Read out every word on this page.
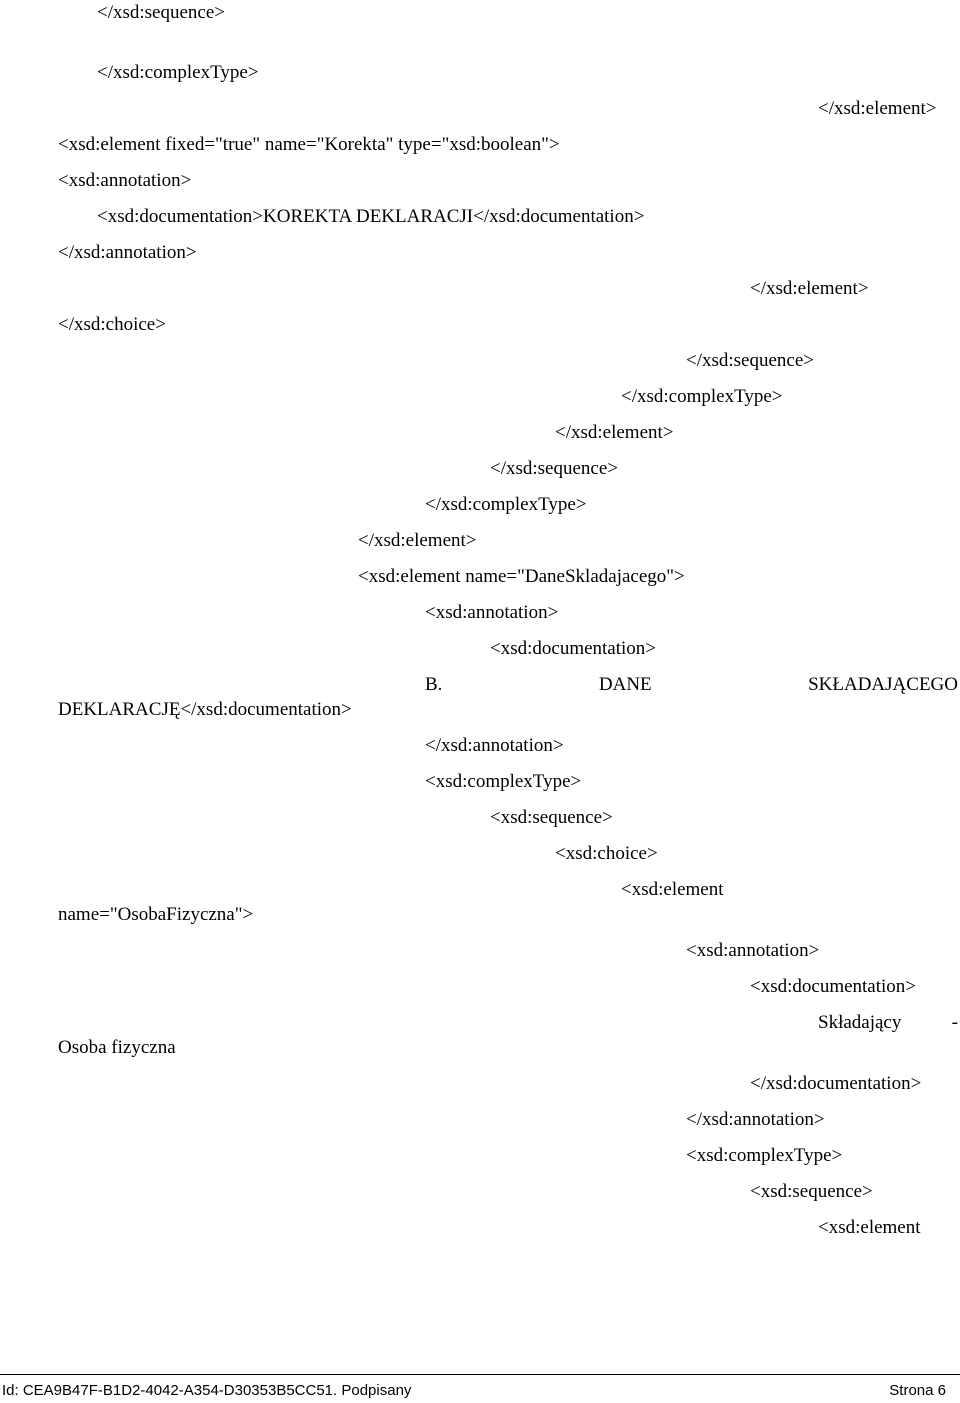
</xsd:sequence>
</xsd:complexType>
</xsd:element>
<xsd:element fixed="true" name="Korekta" type="xsd:boolean">
<xsd:annotation>
<xsd:documentation>KOREKTA DEKLARACJI</xsd:documentation>
</xsd:annotation>
</xsd:element>
</xsd:choice>
</xsd:sequence>
</xsd:complexType>
</xsd:element>
</xsd:sequence>
</xsd:complexType>
</xsd:element>
<xsd:element name="DaneSkladajacego">
<xsd:annotation>
<xsd:documentation>
B.	DANE	SKŁADAJĄCEGO
DEKLARACJĘ</xsd:documentation>
</xsd:annotation>
<xsd:complexType>
<xsd:sequence>
<xsd:choice>
<xsd:element
name="OsobaFizyczna">
<xsd:annotation>
<xsd:documentation>
Składający	-
Osoba fizyczna
</xsd:documentation>
</xsd:annotation>
<xsd:complexType>
<xsd:sequence>
<xsd:element
Id: CEA9B47F-B1D2-4042-A354-D30353B5CC51. Podpisany	Strona 6
